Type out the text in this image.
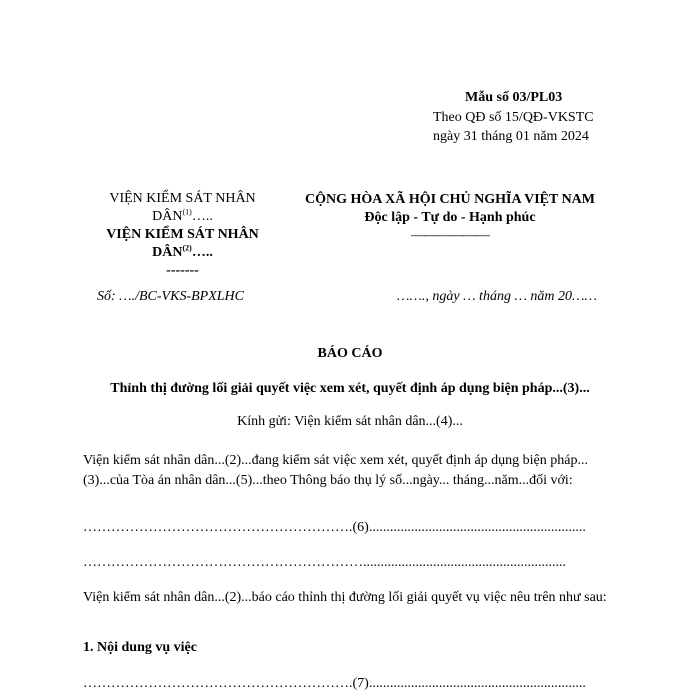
Mẫu số 03/PL03
Theo QĐ số 15/QĐ-VKSTC
ngày 31 tháng 01 năm 2024
VIỆN KIỂM SÁT NHÂN
DÂN$^{(1)}$…..
VIỆN KIỂM SÁT NHÂN
DÂN$^{(2)}$…..
-------
CỘNG HÒA XÃ HỘI CHỦ NGHĨA VIỆT NAM
Độc lập - Tự do - Hạnh phúc
——————
Số: …./BC-VKS-BPXLHC	……., ngày … tháng … năm 20……
BÁO CÁO
Thỉnh thị đường lối giải quyết việc xem xét, quyết định áp dụng biện pháp...(3)...
Kính gửi: Viện kiểm sát nhân dân...(4)...
Viện kiểm sát nhân dân...(2)...đang kiểm sát việc xem xét, quyết định áp dụng biện pháp...(3)...của Tòa án nhân dân...(5)...theo Thông báo thụ lý số...ngày... tháng...năm...đối với:
………………………………………………….(6)..............................................................
……………………………………………………..........................................................
Viện kiểm sát nhân dân...(2)...báo cáo thỉnh thị đường lối giải quyết vụ việc nêu trên như sau:
1. Nội dung vụ việc
………………………………………………….(7)..............................................................
